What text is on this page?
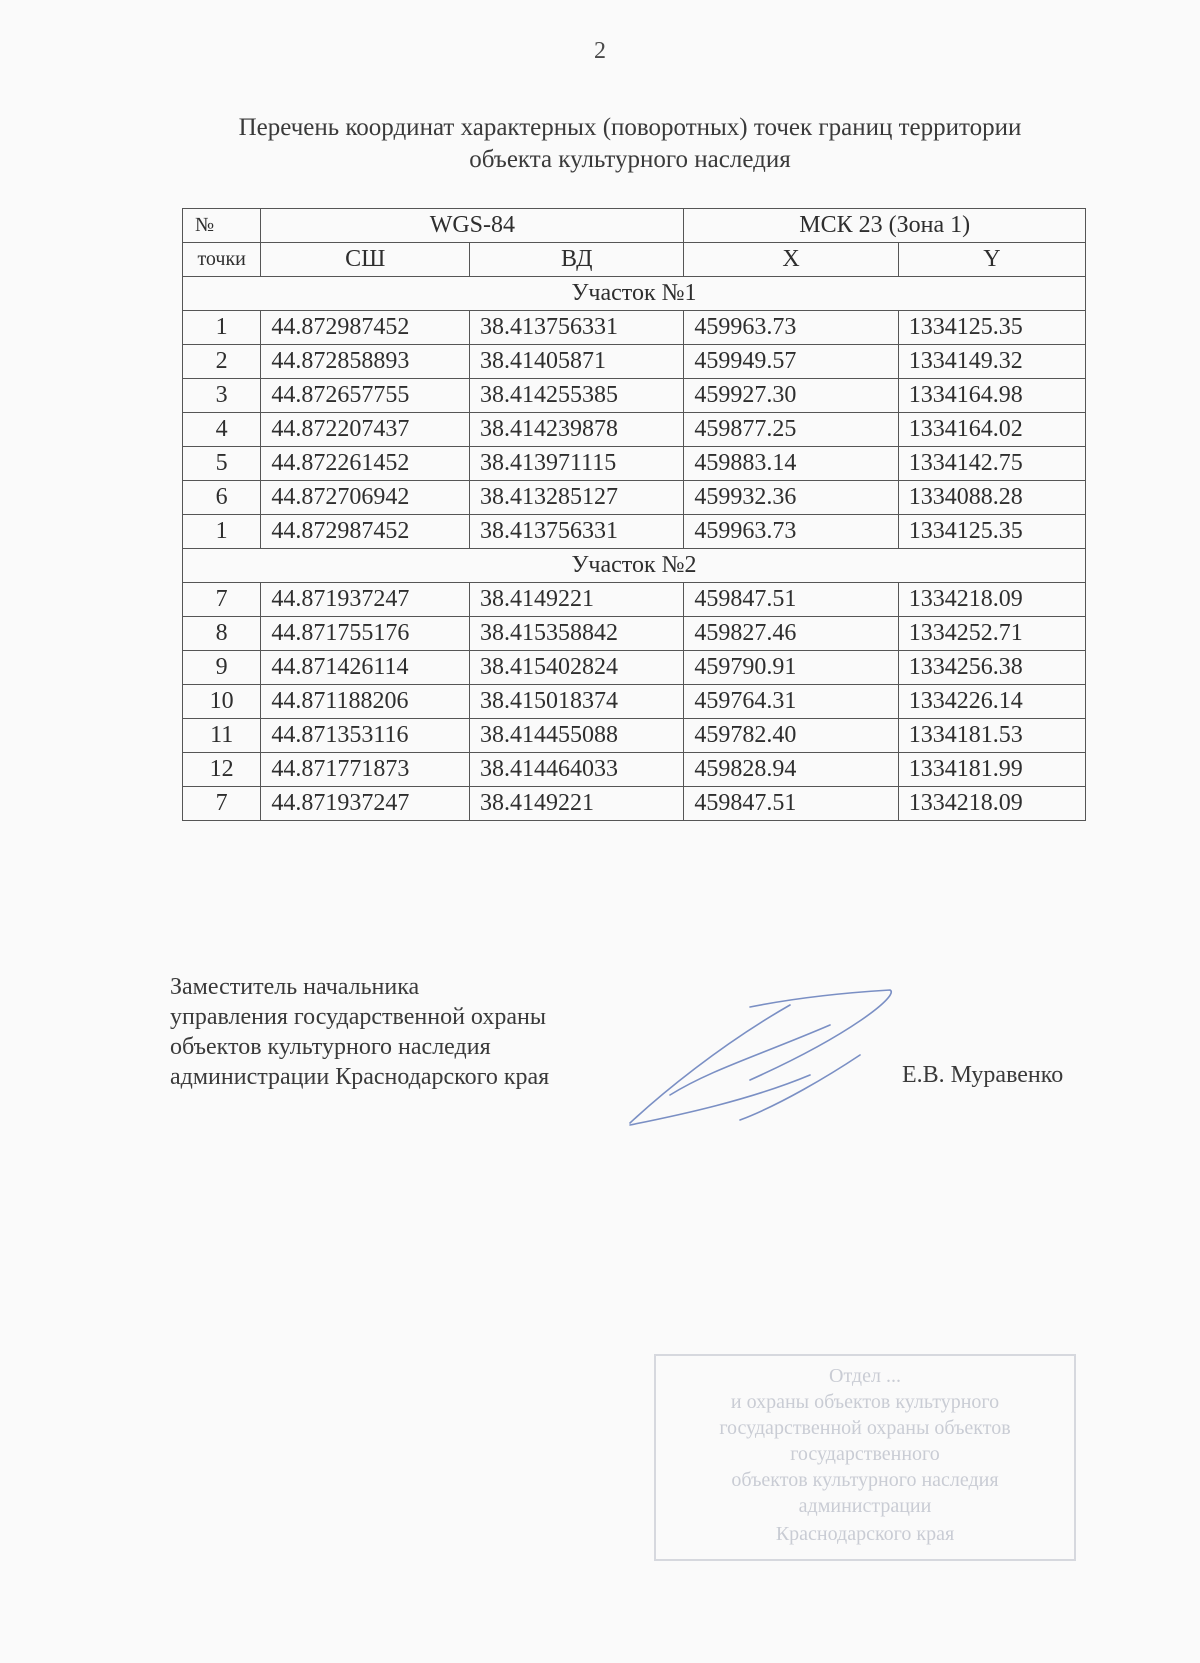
2
Перечень координат характерных (поворотных) точек границ территории
объекта культурного наследия
№	WGS-84		МСК 23 (Зона 1)	
точки	СШ	ВД	X	Y
Участок №1				
1	44.872987452	38.413756331	459963.73	1334125.35
2	44.872858893	38.41405871	459949.57	1334149.32
3	44.872657755	38.414255385	459927.30	1334164.98
4	44.872207437	38.414239878	459877.25	1334164.02
5	44.872261452	38.413971115	459883.14	1334142.75
6	44.872706942	38.413285127	459932.36	1334088.28
1	44.872987452	38.413756331	459963.73	1334125.35
Участок №2				
7	44.871937247	38.4149221	459847.51	1334218.09
8	44.871755176	38.415358842	459827.46	1334252.71
9	44.871426114	38.415402824	459790.91	1334256.38
10	44.871188206	38.415018374	459764.31	1334226.14
11	44.871353116	38.414455088	459782.40	1334181.53
12	44.871771873	38.414464033	459828.94	1334181.99
7	44.871937247	38.4149221	459847.51	1334218.09
Заместитель начальника
управления государственной охраны
объектов культурного наследия
администрации Краснодарского края	Е.В. Муравенко
Отдел ...
и охраны объектов культурного
государственной охраны объектов
государственного
объектов культурного наследия
администрации
Краснодарского края
